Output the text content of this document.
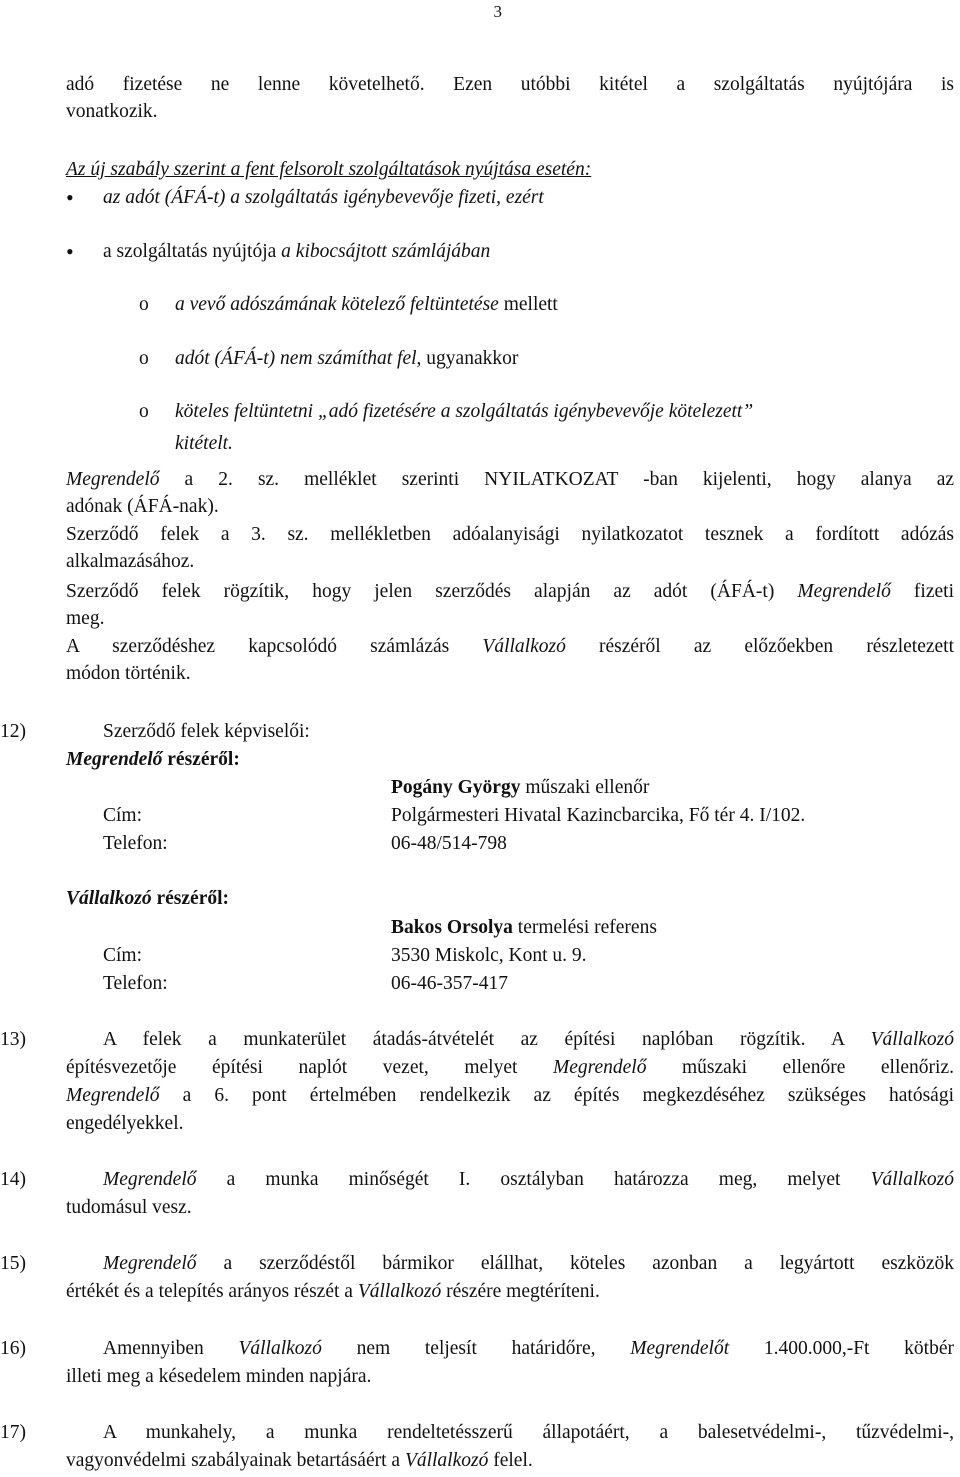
3
adó fizetése ne lenne követelhető. Ezen utóbbi kitétel a szolgáltatás nyújtójára is
vonatkozik.
Az új szabály szerint a fent felsorolt szolgáltatások nyújtása esetén:
• az adót (ÁFÁ-t) a szolgáltatás igénybevevője fizeti, ezért
• a szolgáltatás nyújtója a kibocsájtott számlájában
o a vevő adószámának kötelező feltüntetése mellett
o adót (ÁFÁ-t) nem számíthat fel, ugyanakkor
o köteles feltüntetni „adó fizetésére a szolgáltatás igénybevevője kötelezett”
kitételt.
Megrendelő a 2. sz. melléklet szerinti NYILATKOZAT -ban kijelenti, hogy alanya az
adónak (ÁFÁ-nak).
Szerződő felek a 3. sz. mellékletben adóalanyisági nyilatkozatot tesznek a fordított adózás
alkalmazásához.
Szerződő felek rögzítik, hogy jelen szerződés alapján az adót (ÁFÁ-t) Megrendelő fizeti
meg.
A szerződéshez kapcsolódó számlázás Vállalkozó részéről az előzőekben részletezett
módon történik.
12)	Szerződő felek képviselői:
Megrendelő részéről:
Pogány György műszaki ellenőr
Cím:	Polgármesteri Hivatal Kazincbarcika, Fő tér 4. I/102.
Telefon:	06-48/514-798
Vállalkozó részéről:
Bakos Orsolya termelési referens
Cím:	3530 Miskolc, Kont u. 9.
Telefon:	06-46-357-417
13)	A felek a munkaterület átadás-átvételét az építési naplóban rögzítik. A Vállalkozó
építésvezetője építési naplót vezet, melyet Megrendelő műszaki ellenőre ellenőriz.
Megrendelő a 6. pont értelmében rendelkezik az építés megkezdéséhez szükséges hatósági
engedélyekkel.
14)	Megrendelő a munka minőségét I. osztályban határozza meg, melyet Vállalkozó
tudomásul vesz.
15)	Megrendelő a szerződéstől bármikor elállhat, köteles azonban a legyártott eszközök
értékét és a telepítés arányos részét a Vállalkozó részére megtéríteni.
16)	Amennyiben Vállalkozó nem teljesít határidőre, Megrendelőt 1.400.000,-Ft kötbér
illeti meg a késedelem minden napjára.
17)	A munkahely, a munka rendeltetésszerű állapotáért, a balesetvédelmi-, tűzvédelmi-,
vagyonvédelmi szabályainak betartásáért a Vállalkozó felel.
